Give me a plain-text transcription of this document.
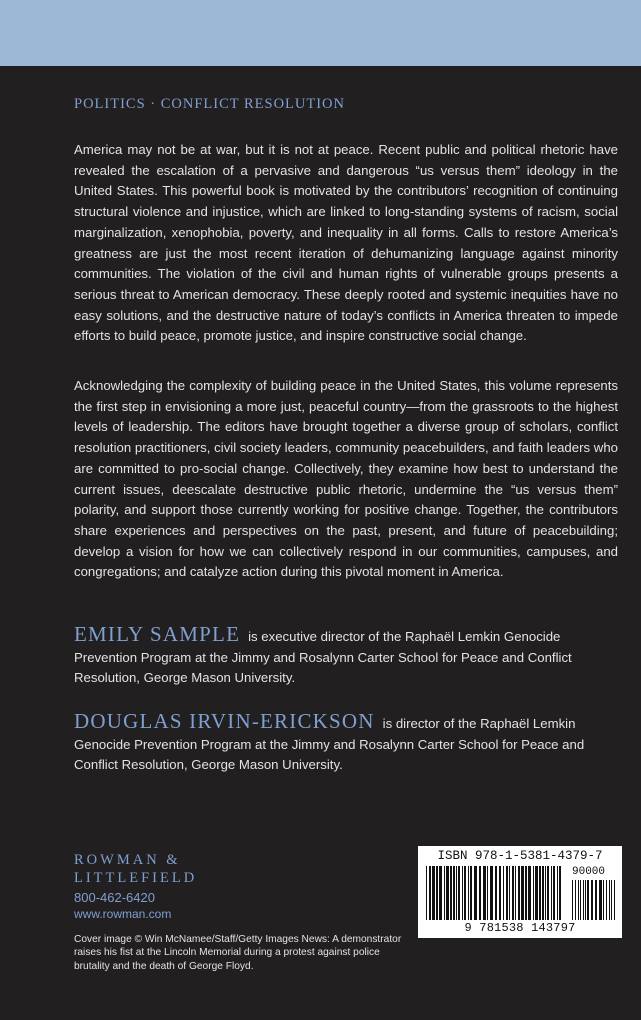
POLITICS · CONFLICT RESOLUTION

America may not be at war, but it is not at peace. Recent public and political rhetoric have revealed the escalation of a pervasive and dangerous “us versus them” ideology in the United States. This powerful book is motivated by the contributors’ recognition of continuing structural violence and injustice, which are linked to long-standing systems of racism, social marginalization, xenophobia, poverty, and inequality in all forms. Calls to restore America’s greatness are just the most recent iteration of dehumanizing language against minority communities. The violation of the civil and human rights of vulnerable groups presents a serious threat to American democracy. These deeply rooted and systemic inequities have no easy solutions, and the destructive nature of today’s conflicts in America threaten to impede efforts to build peace, promote justice, and inspire constructive social change.

Acknowledging the complexity of building peace in the United States, this volume represents the first step in envisioning a more just, peaceful country—from the grassroots to the highest levels of leadership. The editors have brought together a diverse group of scholars, conflict resolution practitioners, civil society leaders, community peacebuilders, and faith leaders who are committed to pro-social change. Collectively, they examine how best to understand the current issues, deescalate destructive public rhetoric, undermine the “us versus them” polarity, and support those currently working for positive change. Together, the contributors share experiences and perspectives on the past, present, and future of peacebuilding; develop a vision for how we can collectively respond in our communities, campuses, and congregations; and catalyze action during this pivotal moment in America.

EMILY SAMPLE is executive director of the Raphaël Lemkin Genocide Prevention Program at the Jimmy and Rosalynn Carter School for Peace and Conflict Resolution, George Mason University.

DOUGLAS IRVIN-ERICKSON is director of the Raphaël Lemkin Genocide Prevention Program at the Jimmy and Rosalynn Carter School for Peace and Conflict Resolution, George Mason University.

ROWMAN &
LITTLEFIELD
800-462-6420
www.rowman.com
Cover image © Win McNamee/Staff/Getty Images News: A demonstrator raises his fist at the Lincoln Memorial during a protest against police brutality and the death of George Floyd.
ISBN 978-1-5381-4379-7
90000
9 781538 143797
